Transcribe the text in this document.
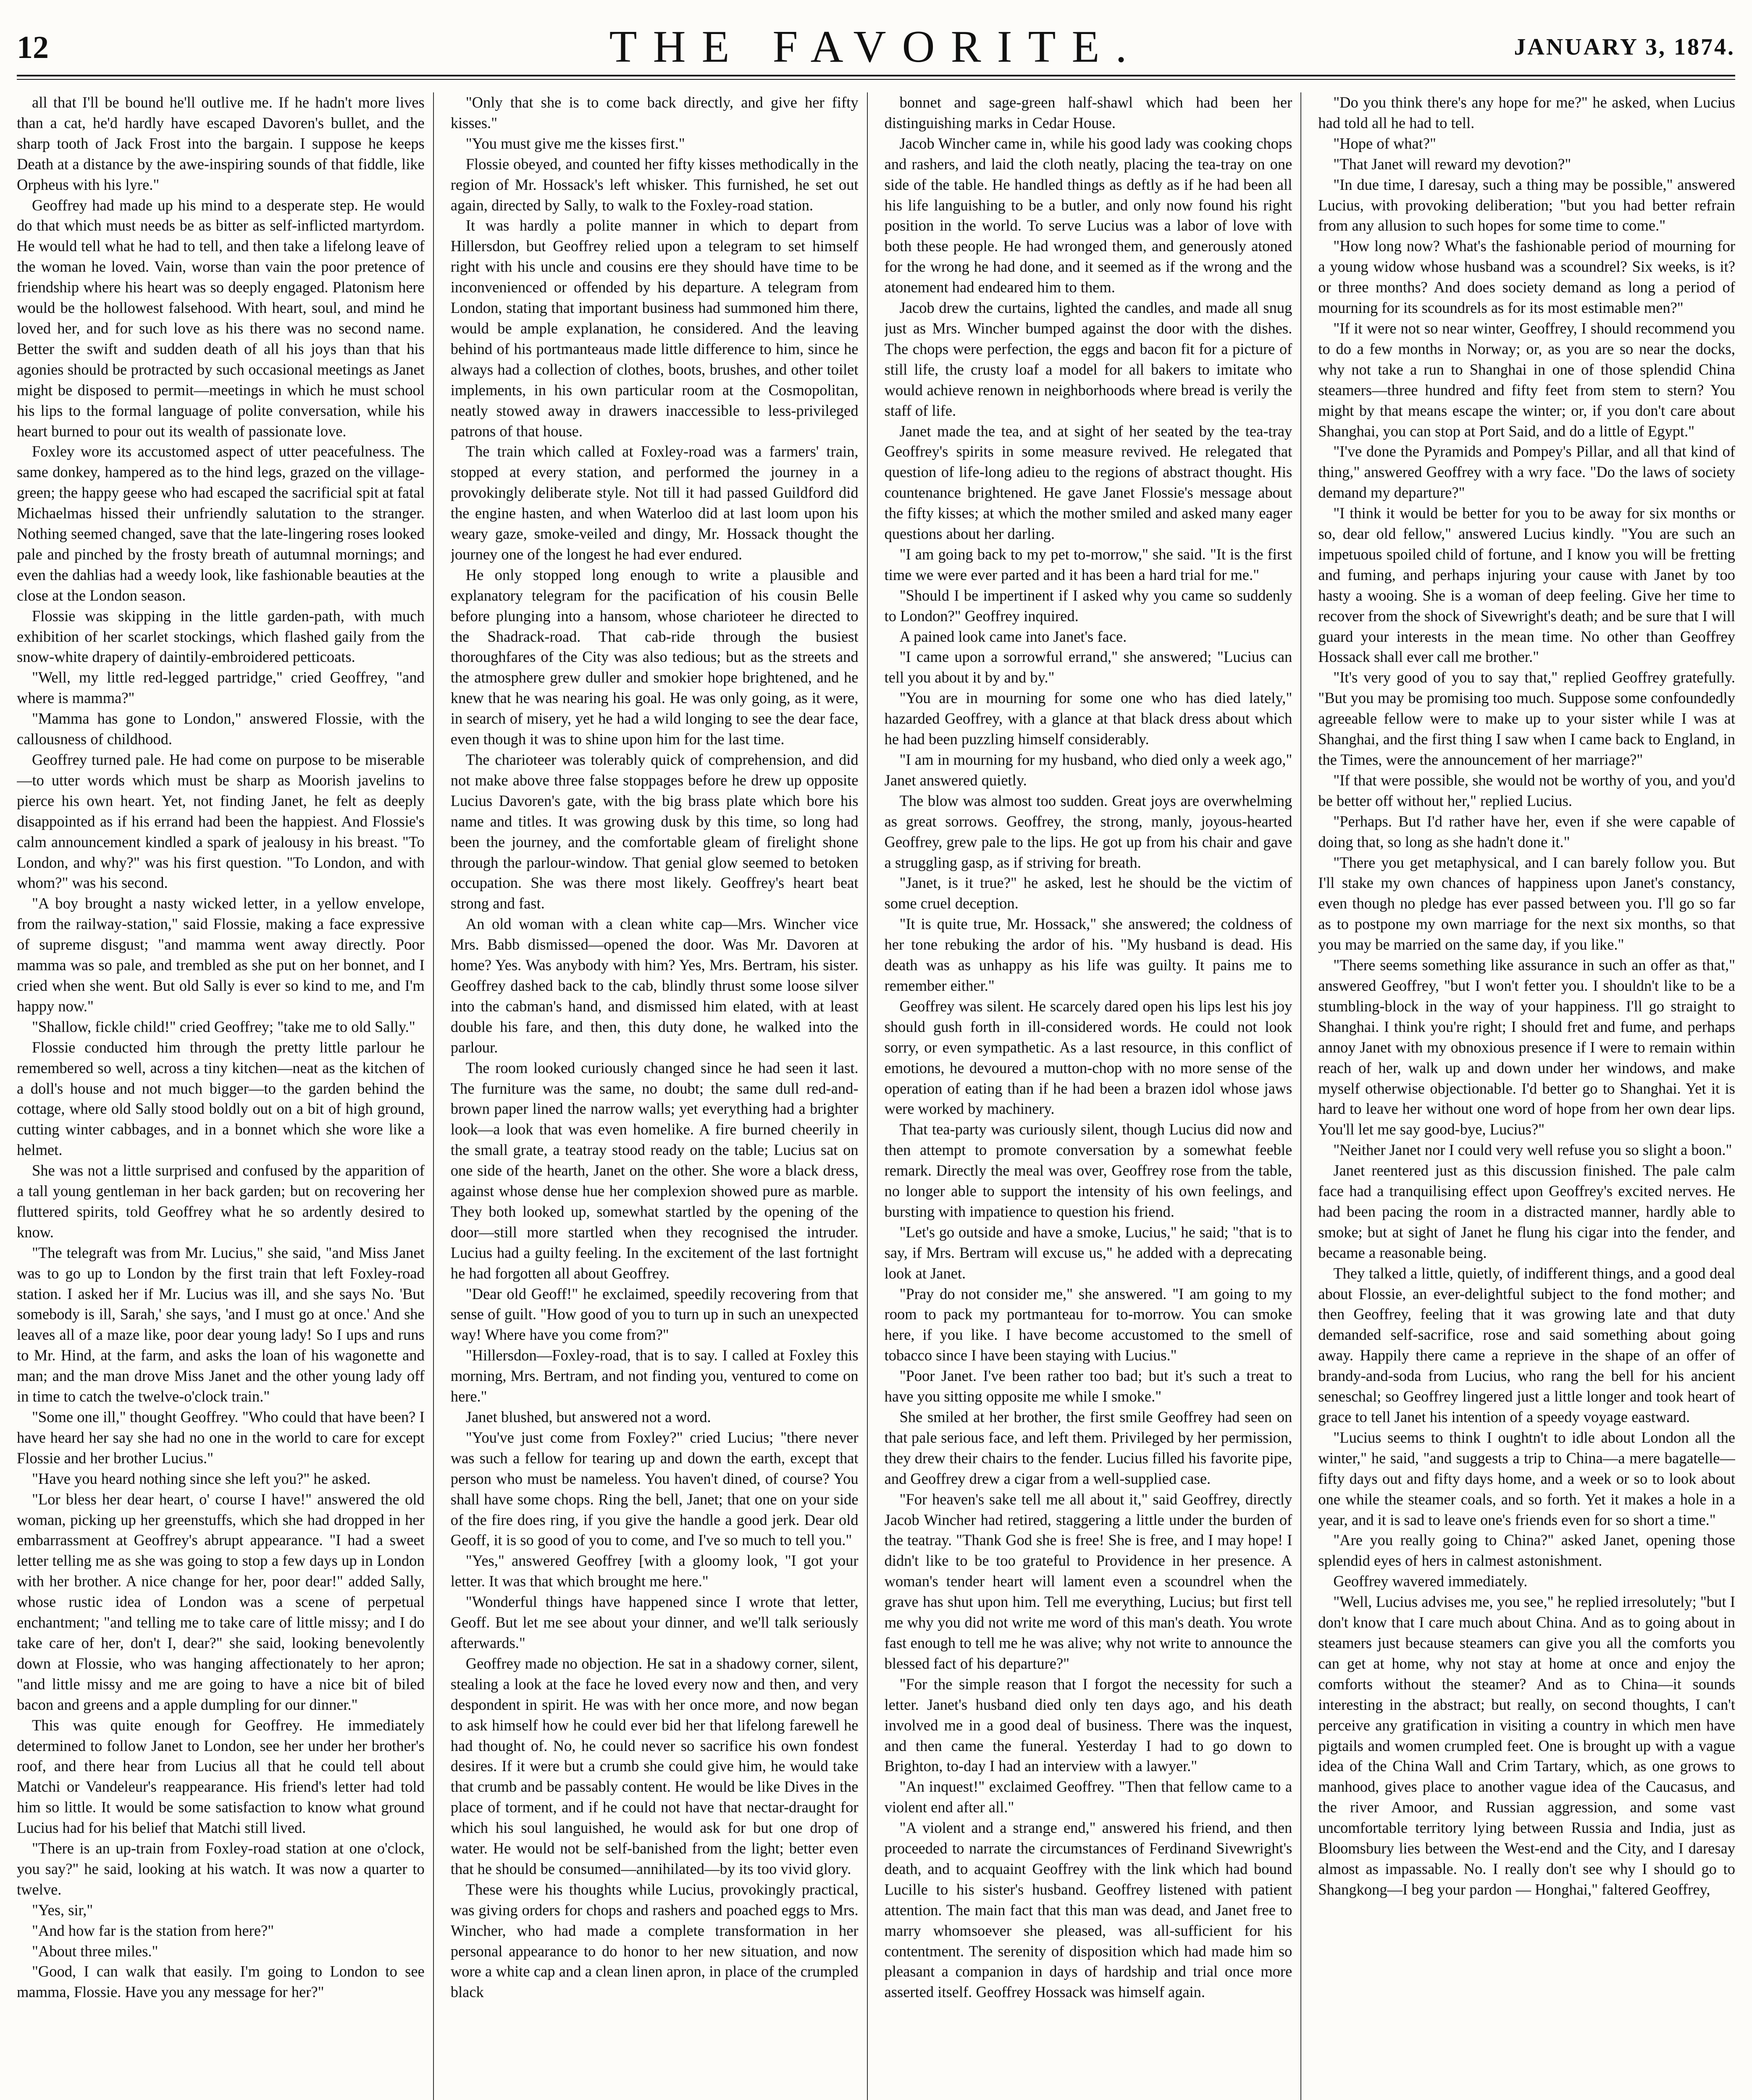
12	THE FAVORITE.	JANUARY 3, 1874.

all that I'll be bound he'll outlive me. If he hadn't more lives than a cat, he'd hardly have escaped Davoren's bullet, and the sharp tooth of Jack Frost into the bargain. I suppose he keeps Death at a distance by the awe-inspiring sounds of that fiddle, like Orpheus with his lyre."

Geoffrey had made up his mind to a desperate step. He would do that which must needs be as bitter as self-inflicted martyrdom. He would tell what he had to tell, and then take a lifelong leave of the woman he loved. Vain, worse than vain the poor pretence of friendship where his heart was so deeply engaged. Platonism here would be the hollowest falsehood. With heart, soul, and mind he loved her, and for such love as his there was no second name. Better the swift and sudden death of all his joys than that his agonies should be protracted by such occasional meetings as Janet might be disposed to permit—meetings in which he must school his lips to the formal language of polite conversation, while his heart burned to pour out its wealth of passionate love.

Foxley wore its accustomed aspect of utter peacefulness. The same donkey, hampered as to the hind legs, grazed on the village-green; the happy geese who had escaped the sacrificial spit at fatal Michaelmas hissed their unfriendly salutation to the stranger. Nothing seemed changed, save that the late-lingering roses looked pale and pinched by the frosty breath of autumnal mornings; and even the dahlias had a weedy look, like fashionable beauties at the close at the London season.

Flossie was skipping in the little garden-path, with much exhibition of her scarlet stockings, which flashed gaily from the snow-white drapery of daintily-embroidered petticoats.

"Well, my little red-legged partridge," cried Geoffrey, "and where is mamma?"

"Mamma has gone to London," answered Flossie, with the callousness of childhood.

Geoffrey turned pale. He had come on purpose to be miserable—to utter words which must be sharp as Moorish javelins to pierce his own heart. Yet, not finding Janet, he felt as deeply disappointed as if his errand had been the happiest. And Flossie's calm announcement kindled a spark of jealousy in his breast. "To London, and why?" was his first question. "To London, and with whom?" was his second.

"A boy brought a nasty wicked letter, in a yellow envelope, from the railway-station," said Flossie, making a face expressive of supreme disgust; "and mamma went away directly. Poor mamma was so pale, and trembled as she put on her bonnet, and I cried when she went. But old Sally is ever so kind to me, and I'm happy now."

"Shallow, fickle child!" cried Geoffrey; "take me to old Sally."

Flossie conducted him through the pretty little parlour he remembered so well, across a tiny kitchen—neat as the kitchen of a doll's house and not much bigger—to the garden behind the cottage, where old Sally stood boldly out on a bit of high ground, cutting winter cabbages, and in a bonnet which she wore like a helmet.

She was not a little surprised and confused by the apparition of a tall young gentleman in her back garden; but on recovering her fluttered spirits, told Geoffrey what he so ardently desired to know.

"The telegraft was from Mr. Lucius," she said, "and Miss Janet was to go up to London by the first train that left Foxley-road station. I asked her if Mr. Lucius was ill, and she says No. 'But somebody is ill, Sarah,' she says, 'and I must go at once.' And she leaves all of a maze like, poor dear young lady! So I ups and runs to Mr. Hind, at the farm, and asks the loan of his wagonette and man; and the man drove Miss Janet and the other young lady off in time to catch the twelve-o'clock train."

"Some one ill," thought Geoffrey. "Who could that have been? I have heard her say she had no one in the world to care for except Flossie and her brother Lucius."

"Have you heard nothing since she left you?" he asked.

"Lor bless her dear heart, o' course I have!" answered the old woman, picking up her greenstuffs, which she had dropped in her embarrassment at Geoffrey's abrupt appearance. "I had a sweet letter telling me as she was going to stop a few days up in London with her brother. A nice change for her, poor dear!" added Sally, whose rustic idea of London was a scene of perpetual enchantment; "and telling me to take care of little missy; and I do take care of her, don't I, dear?" she said, looking benevolently down at Flossie, who was hanging affectionately to her apron; "and little missy and me are going to have a nice bit of biled bacon and greens and a apple dumpling for our dinner."

This was quite enough for Geoffrey. He immediately determined to follow Janet to London, see her under her brother's roof, and there hear from Lucius all that he could tell about Matchi or Vandeleur's reappearance. His friend's letter had told him so little. It would be some satisfaction to know what ground Lucius had for his belief that Matchi still lived.

"There is an up-train from Foxley-road station at one o'clock, you say?" he said, looking at his watch. It was now a quarter to twelve.

"Yes, sir,"

"And how far is the station from here?"

"About three miles."

"Good, I can walk that easily. I'm going to London to see mamma, Flossie. Have you any message for her?"

"Only that she is to come back directly, and give her fifty kisses."

"You must give me the kisses first."

Flossie obeyed, and counted her fifty kisses methodically in the region of Mr. Hossack's left whisker. This furnished, he set out again, directed by Sally, to walk to the Foxley-road station.

It was hardly a polite manner in which to depart from Hillersdon, but Geoffrey relied upon a telegram to set himself right with his uncle and cousins ere they should have time to be inconvenienced or offended by his departure. A telegram from London, stating that important business had summoned him there, would be ample explanation, he considered. And the leaving behind of his portmanteaus made little difference to him, since he always had a collection of clothes, boots, brushes, and other toilet implements, in his own particular room at the Cosmopolitan, neatly stowed away in drawers inaccessible to less-privileged patrons of that house.

The train which called at Foxley-road was a farmers' train, stopped at every station, and performed the journey in a provokingly deliberate style. Not till it had passed Guildford did the engine hasten, and when Waterloo did at last loom upon his weary gaze, smoke-veiled and dingy, Mr. Hossack thought the journey one of the longest he had ever endured.

He only stopped long enough to write a plausible and explanatory telegram for the pacification of his cousin Belle before plunging into a hansom, whose charioteer he directed to the Shadrack-road. That cab-ride through the busiest thoroughfares of the City was also tedious; but as the streets and the atmosphere grew duller and smokier hope brightened, and he knew that he was nearing his goal. He was only going, as it were, in search of misery, yet he had a wild longing to see the dear face, even though it was to shine upon him for the last time.

The charioteer was tolerably quick of comprehension, and did not make above three false stoppages before he drew up opposite Lucius Davoren's gate, with the big brass plate which bore his name and titles. It was growing dusk by this time, so long had been the journey, and the comfortable gleam of firelight shone through the parlour-window. That genial glow seemed to betoken occupation. She was there most likely. Geoffrey's heart beat strong and fast.

An old woman with a clean white cap—Mrs. Wincher vice Mrs. Babb dismissed—opened the door. Was Mr. Davoren at home? Yes. Was anybody with him? Yes, Mrs. Bertram, his sister. Geoffrey dashed back to the cab, blindly thrust some loose silver into the cabman's hand, and dismissed him elated, with at least double his fare, and then, this duty done, he walked into the parlour.

The room looked curiously changed since he had seen it last. The furniture was the same, no doubt; the same dull red-and-brown paper lined the narrow walls; yet everything had a brighter look—a look that was even homelike. A fire burned cheerily in the small grate, a teatray stood ready on the table; Lucius sat on one side of the hearth, Janet on the other. She wore a black dress, against whose dense hue her complexion showed pure as marble. They both looked up, somewhat startled by the opening of the door—still more startled when they recognised the intruder. Lucius had a guilty feeling. In the excitement of the last fortnight he had forgotten all about Geoffrey.

"Dear old Geoff!" he exclaimed, speedily recovering from that sense of guilt. "How good of you to turn up in such an unexpected way! Where have you come from?"

"Hillersdon—Foxley-road, that is to say. I called at Foxley this morning, Mrs. Bertram, and not finding you, ventured to come on here."

Janet blushed, but answered not a word.

"You've just come from Foxley?" cried Lucius; "there never was such a fellow for tearing up and down the earth, except that person who must be nameless. You haven't dined, of course? You shall have some chops. Ring the bell, Janet; that one on your side of the fire does ring, if you give the handle a good jerk. Dear old Geoff, it is so good of you to come, and I've so much to tell you."

"Yes," answered Geoffrey [with a gloomy look, "I got your letter. It was that which brought me here."

"Wonderful things have happened since I wrote that letter, Geoff. But let me see about your dinner, and we'll talk seriously afterwards."

Geoffrey made no objection. He sat in a shadowy corner, silent, stealing a look at the face he loved every now and then, and very despondent in spirit. He was with her once more, and now began to ask himself how he could ever bid her that lifelong farewell he had thought of. No, he could never so sacrifice his own fondest desires. If it were but a crumb she could give him, he would take that crumb and be passably content. He would be like Dives in the place of torment, and if he could not have that nectar-draught for which his soul languished, he would ask for but one drop of water. He would not be self-banished from the light; better even that he should be consumed—annihilated—by its too vivid glory.

These were his thoughts while Lucius, provokingly practical, was giving orders for chops and rashers and poached eggs to Mrs. Wincher, who had made a complete transformation in her personal appearance to do honor to her new situation, and now wore a white cap and a clean linen apron, in place of the crumpled black

bonnet and sage-green half-shawl which had been her distinguishing marks in Cedar House.

Jacob Wincher came in, while his good lady was cooking chops and rashers, and laid the cloth neatly, placing the tea-tray on one side of the table. He handled things as deftly as if he had been all his life languishing to be a butler, and only now found his right position in the world. To serve Lucius was a labor of love with both these people. He had wronged them, and generously atoned for the wrong he had done, and it seemed as if the wrong and the atonement had endeared him to them.

Jacob drew the curtains, lighted the candles, and made all snug just as Mrs. Wincher bumped against the door with the dishes. The chops were perfection, the eggs and bacon fit for a picture of still life, the crusty loaf a model for all bakers to imitate who would achieve renown in neighborhoods where bread is verily the staff of life.

Janet made the tea, and at sight of her seated by the tea-tray Geoffrey's spirits in some measure revived. He relegated that question of life-long adieu to the regions of abstract thought. His countenance brightened. He gave Janet Flossie's message about the fifty kisses; at which the mother smiled and asked many eager questions about her darling.

"I am going back to my pet to-morrow," she said. "It is the first time we were ever parted and it has been a hard trial for me."

"Should I be impertinent if I asked why you came so suddenly to London?" Geoffrey inquired.

A pained look came into Janet's face.

"I came upon a sorrowful errand," she answered; "Lucius can tell you about it by and by."

"You are in mourning for some one who has died lately," hazarded Geoffrey, with a glance at that black dress about which he had been puzzling himself considerably.

"I am in mourning for my husband, who died only a week ago," Janet answered quietly.

The blow was almost too sudden. Great joys are overwhelming as great sorrows. Geoffrey, the strong, manly, joyous-hearted Geoffrey, grew pale to the lips. He got up from his chair and gave a struggling gasp, as if striving for breath.

"Janet, is it true?" he asked, lest he should be the victim of some cruel deception.

"It is quite true, Mr. Hossack," she answered; the coldness of her tone rebuking the ardor of his. "My husband is dead. His death was as unhappy as his life was guilty. It pains me to remember either."

Geoffrey was silent. He scarcely dared open his lips lest his joy should gush forth in ill-considered words. He could not look sorry, or even sympathetic. As a last resource, in this conflict of emotions, he devoured a mutton-chop with no more sense of the operation of eating than if he had been a brazen idol whose jaws were worked by machinery.

That tea-party was curiously silent, though Lucius did now and then attempt to promote conversation by a somewhat feeble remark. Directly the meal was over, Geoffrey rose from the table, no longer able to support the intensity of his own feelings, and bursting with impatience to question his friend.

"Let's go outside and have a smoke, Lucius," he said; "that is to say, if Mrs. Bertram will excuse us," he added with a deprecating look at Janet.

"Pray do not consider me," she answered. "I am going to my room to pack my portmanteau for to-morrow. You can smoke here, if you like. I have become accustomed to the smell of tobacco since I have been staying with Lucius."

"Poor Janet. I've been rather too bad; but it's such a treat to have you sitting opposite me while I smoke."

She smiled at her brother, the first smile Geoffrey had seen on that pale serious face, and left them. Privileged by her permission, they drew their chairs to the fender. Lucius filled his favorite pipe, and Geoffrey drew a cigar from a well-supplied case.

"For heaven's sake tell me all about it," said Geoffrey, directly Jacob Wincher had retired, staggering a little under the burden of the teatray. "Thank God she is free! She is free, and I may hope! I didn't like to be too grateful to Providence in her presence. A woman's tender heart will lament even a scoundrel when the grave has shut upon him. Tell me everything, Lucius; but first tell me why you did not write me word of this man's death. You wrote fast enough to tell me he was alive; why not write to announce the blessed fact of his departure?"

"For the simple reason that I forgot the necessity for such a letter. Janet's husband died only ten days ago, and his death involved me in a good deal of business. There was the inquest, and then came the funeral. Yesterday I had to go down to Brighton, to-day I had an interview with a lawyer."

"An inquest!" exclaimed Geoffrey. "Then that fellow came to a violent end after all."

"A violent and a strange end," answered his friend, and then proceeded to narrate the circumstances of Ferdinand Sivewright's death, and to acquaint Geoffrey with the link which had bound Lucille to his sister's husband. Geoffrey listened with patient attention. The main fact that this man was dead, and Janet free to marry whomsoever she pleased, was all-sufficient for his contentment. The serenity of disposition which had made him so pleasant a companion in days of hardship and trial once more asserted itself. Geoffrey Hossack was himself again.

"Do you think there's any hope for me?" he asked, when Lucius had told all he had to tell.

"Hope of what?"

"That Janet will reward my devotion?"

"In due time, I daresay, such a thing may be possible," answered Lucius, with provoking deliberation; "but you had better refrain from any allusion to such hopes for some time to come."

"How long now? What's the fashionable period of mourning for a young widow whose husband was a scoundrel? Six weeks, is it? or three months? And does society demand as long a period of mourning for its scoundrels as for its most estimable men?"

"If it were not so near winter, Geoffrey, I should recommend you to do a few months in Norway; or, as you are so near the docks, why not take a run to Shanghai in one of those splendid China steamers—three hundred and fifty feet from stem to stern? You might by that means escape the winter; or, if you don't care about Shanghai, you can stop at Port Said, and do a little of Egypt."

"I've done the Pyramids and Pompey's Pillar, and all that kind of thing," answered Geoffrey with a wry face. "Do the laws of society demand my departure?"

"I think it would be better for you to be away for six months or so, dear old fellow," answered Lucius kindly. "You are such an impetuous spoiled child of fortune, and I know you will be fretting and fuming, and perhaps injuring your cause with Janet by too hasty a wooing. She is a woman of deep feeling. Give her time to recover from the shock of Sivewright's death; and be sure that I will guard your interests in the mean time. No other than Geoffrey Hossack shall ever call me brother."

"It's very good of you to say that," replied Geoffrey gratefully. "But you may be promising too much. Suppose some confoundedly agreeable fellow were to make up to your sister while I was at Shanghai, and the first thing I saw when I came back to England, in the Times, were the announcement of her marriage?"

"If that were possible, she would not be worthy of you, and you'd be better off without her," replied Lucius.

"Perhaps. But I'd rather have her, even if she were capable of doing that, so long as she hadn't done it."

"There you get metaphysical, and I can barely follow you. But I'll stake my own chances of happiness upon Janet's constancy, even though no pledge has ever passed between you. I'll go so far as to postpone my own marriage for the next six months, so that you may be married on the same day, if you like."

"There seems something like assurance in such an offer as that," answered Geoffrey, "but I won't fetter you. I shouldn't like to be a stumbling-block in the way of your happiness. I'll go straight to Shanghai. I think you're right; I should fret and fume, and perhaps annoy Janet with my obnoxious presence if I were to remain within reach of her, walk up and down under her windows, and make myself otherwise objectionable. I'd better go to Shanghai. Yet it is hard to leave her without one word of hope from her own dear lips. You'll let me say good-bye, Lucius?"

"Neither Janet nor I could very well refuse you so slight a boon."

Janet reentered just as this discussion finished. The pale calm face had a tranquilising effect upon Geoffrey's excited nerves. He had been pacing the room in a distracted manner, hardly able to smoke; but at sight of Janet he flung his cigar into the fender, and became a reasonable being.

They talked a little, quietly, of indifferent things, and a good deal about Flossie, an ever-delightful subject to the fond mother; and then Geoffrey, feeling that it was growing late and that duty demanded self-sacrifice, rose and said something about going away. Happily there came a reprieve in the shape of an offer of brandy-and-soda from Lucius, who rang the bell for his ancient seneschal; so Geoffrey lingered just a little longer and took heart of grace to tell Janet his intention of a speedy voyage eastward.

"Lucius seems to think I oughtn't to idle about London all the winter," he said, "and suggests a trip to China—a mere bagatelle—fifty days out and fifty days home, and a week or so to look about one while the steamer coals, and so forth. Yet it makes a hole in a year, and it is sad to leave one's friends even for so short a time."

"Are you really going to China?" asked Janet, opening those splendid eyes of hers in calmest astonishment.

Geoffrey wavered immediately.

"Well, Lucius advises me, you see," he replied irresolutely; "but I don't know that I care much about China. And as to going about in steamers just because steamers can give you all the comforts you can get at home, why not stay at home at once and enjoy the comforts without the steamer? And as to China—it sounds interesting in the abstract; but really, on second thoughts, I can't perceive any gratification in visiting a country in which men have pigtails and women crumpled feet. One is brought up with a vague idea of the China Wall and Crim Tartary, which, as one grows to manhood, gives place to another vague idea of the Caucasus, and the river Amoor, and Russian aggression, and some vast uncomfortable territory lying between Russia and India, just as Bloomsbury lies between the West-end and the City, and I daresay almost as impassable. No. I really don't see why I should go to Shangkong—I beg your pardon — Honghai," faltered Geoffrey,
